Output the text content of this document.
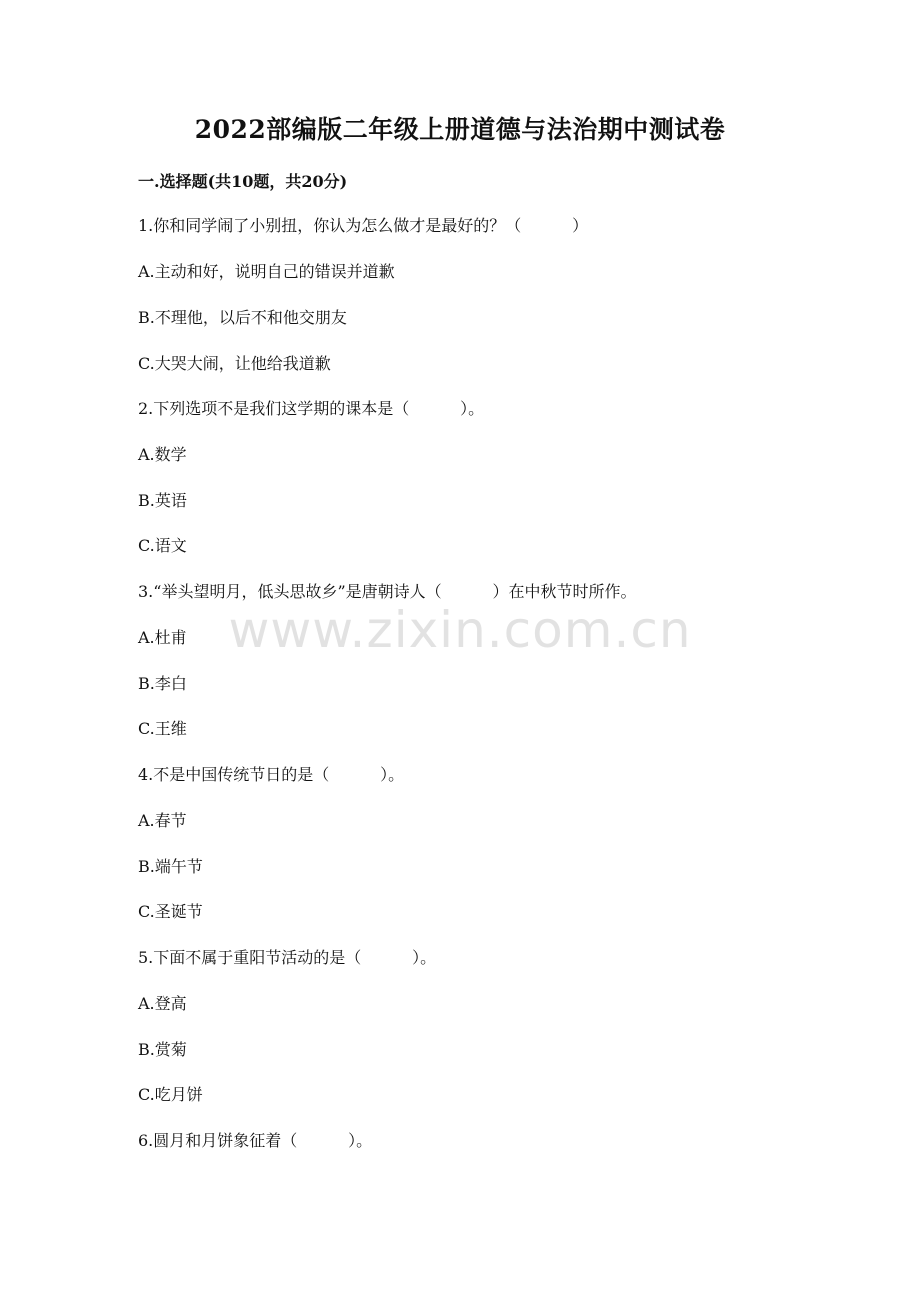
2022部编版二年级上册道德与法治期中测试卷
一.选择题(共10题，共20分)
1.你和同学闹了小别扭，你认为怎么做才是最好的？（          ）
A.主动和好，说明自己的错误并道歉
B.不理他，以后不和他交朋友
C.大哭大闹，让他给我道歉
2.下列选项不是我们这学期的课本是（          ）。
A.数学
B.英语
C.语文
3.“举头望明月，低头思故乡”是唐朝诗人（          ）在中秋节时所作。
A.杜甫
B.李白
C.王维
4.不是中国传统节日的是（          ）。
A.春节
B.端午节
C.圣诞节
5.下面不属于重阳节活动的是（          ）。
A.登高
B.赏菊
C.吃月饼
6.圆月和月饼象征着（          ）。
www.zixin.com.cn
